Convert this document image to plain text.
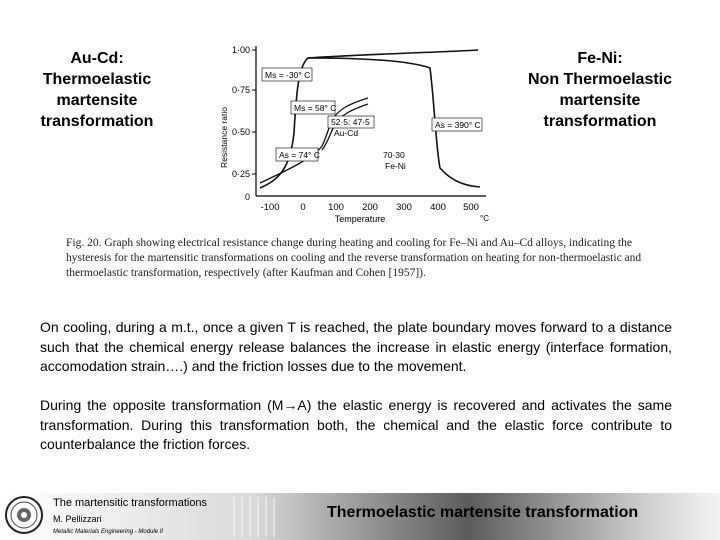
Au-Cd:
Thermoelastic
martensite
transformation
Fe-Ni:
Non Thermoelastic
martensite
transformation
1·00
0·75
0·50
0·25
0
Resistance ratio
-100 0 100 200 300 400 500
Temperature	°C
Ms = -30° C
Ms = 58° C
52·5: 47·5
Au-Cd
As = 74° C
As = 390° C
70·30
Fe-Ni
Fig. 20. Graph showing electrical resistance change during heating and cooling for Fe–Ni and Au–Cd alloys, indicating the hysteresis for the martensitic transformations on cooling and the reverse transformation on heating for non-thermoelastic and thermoelastic transformation, respectively (after Kaufman and Cohen [1957]).
On cooling, during a m.t., once a given T is reached, the plate boundary moves forward to a distance such that the chemical energy release balances the increase in elastic energy (interface formation, accomodation strain….) and the friction losses due to the movement.
During the opposite transformation (M→A) the elastic energy is recovered and activates the same transformation. During this transformation both, the chemical and the elastic force contribute to counterbalance the friction forces.
The martensitic transformations
M. Pellizzari
Metallic Materials Engineering - Module II
Thermoelastic martensite transformation
